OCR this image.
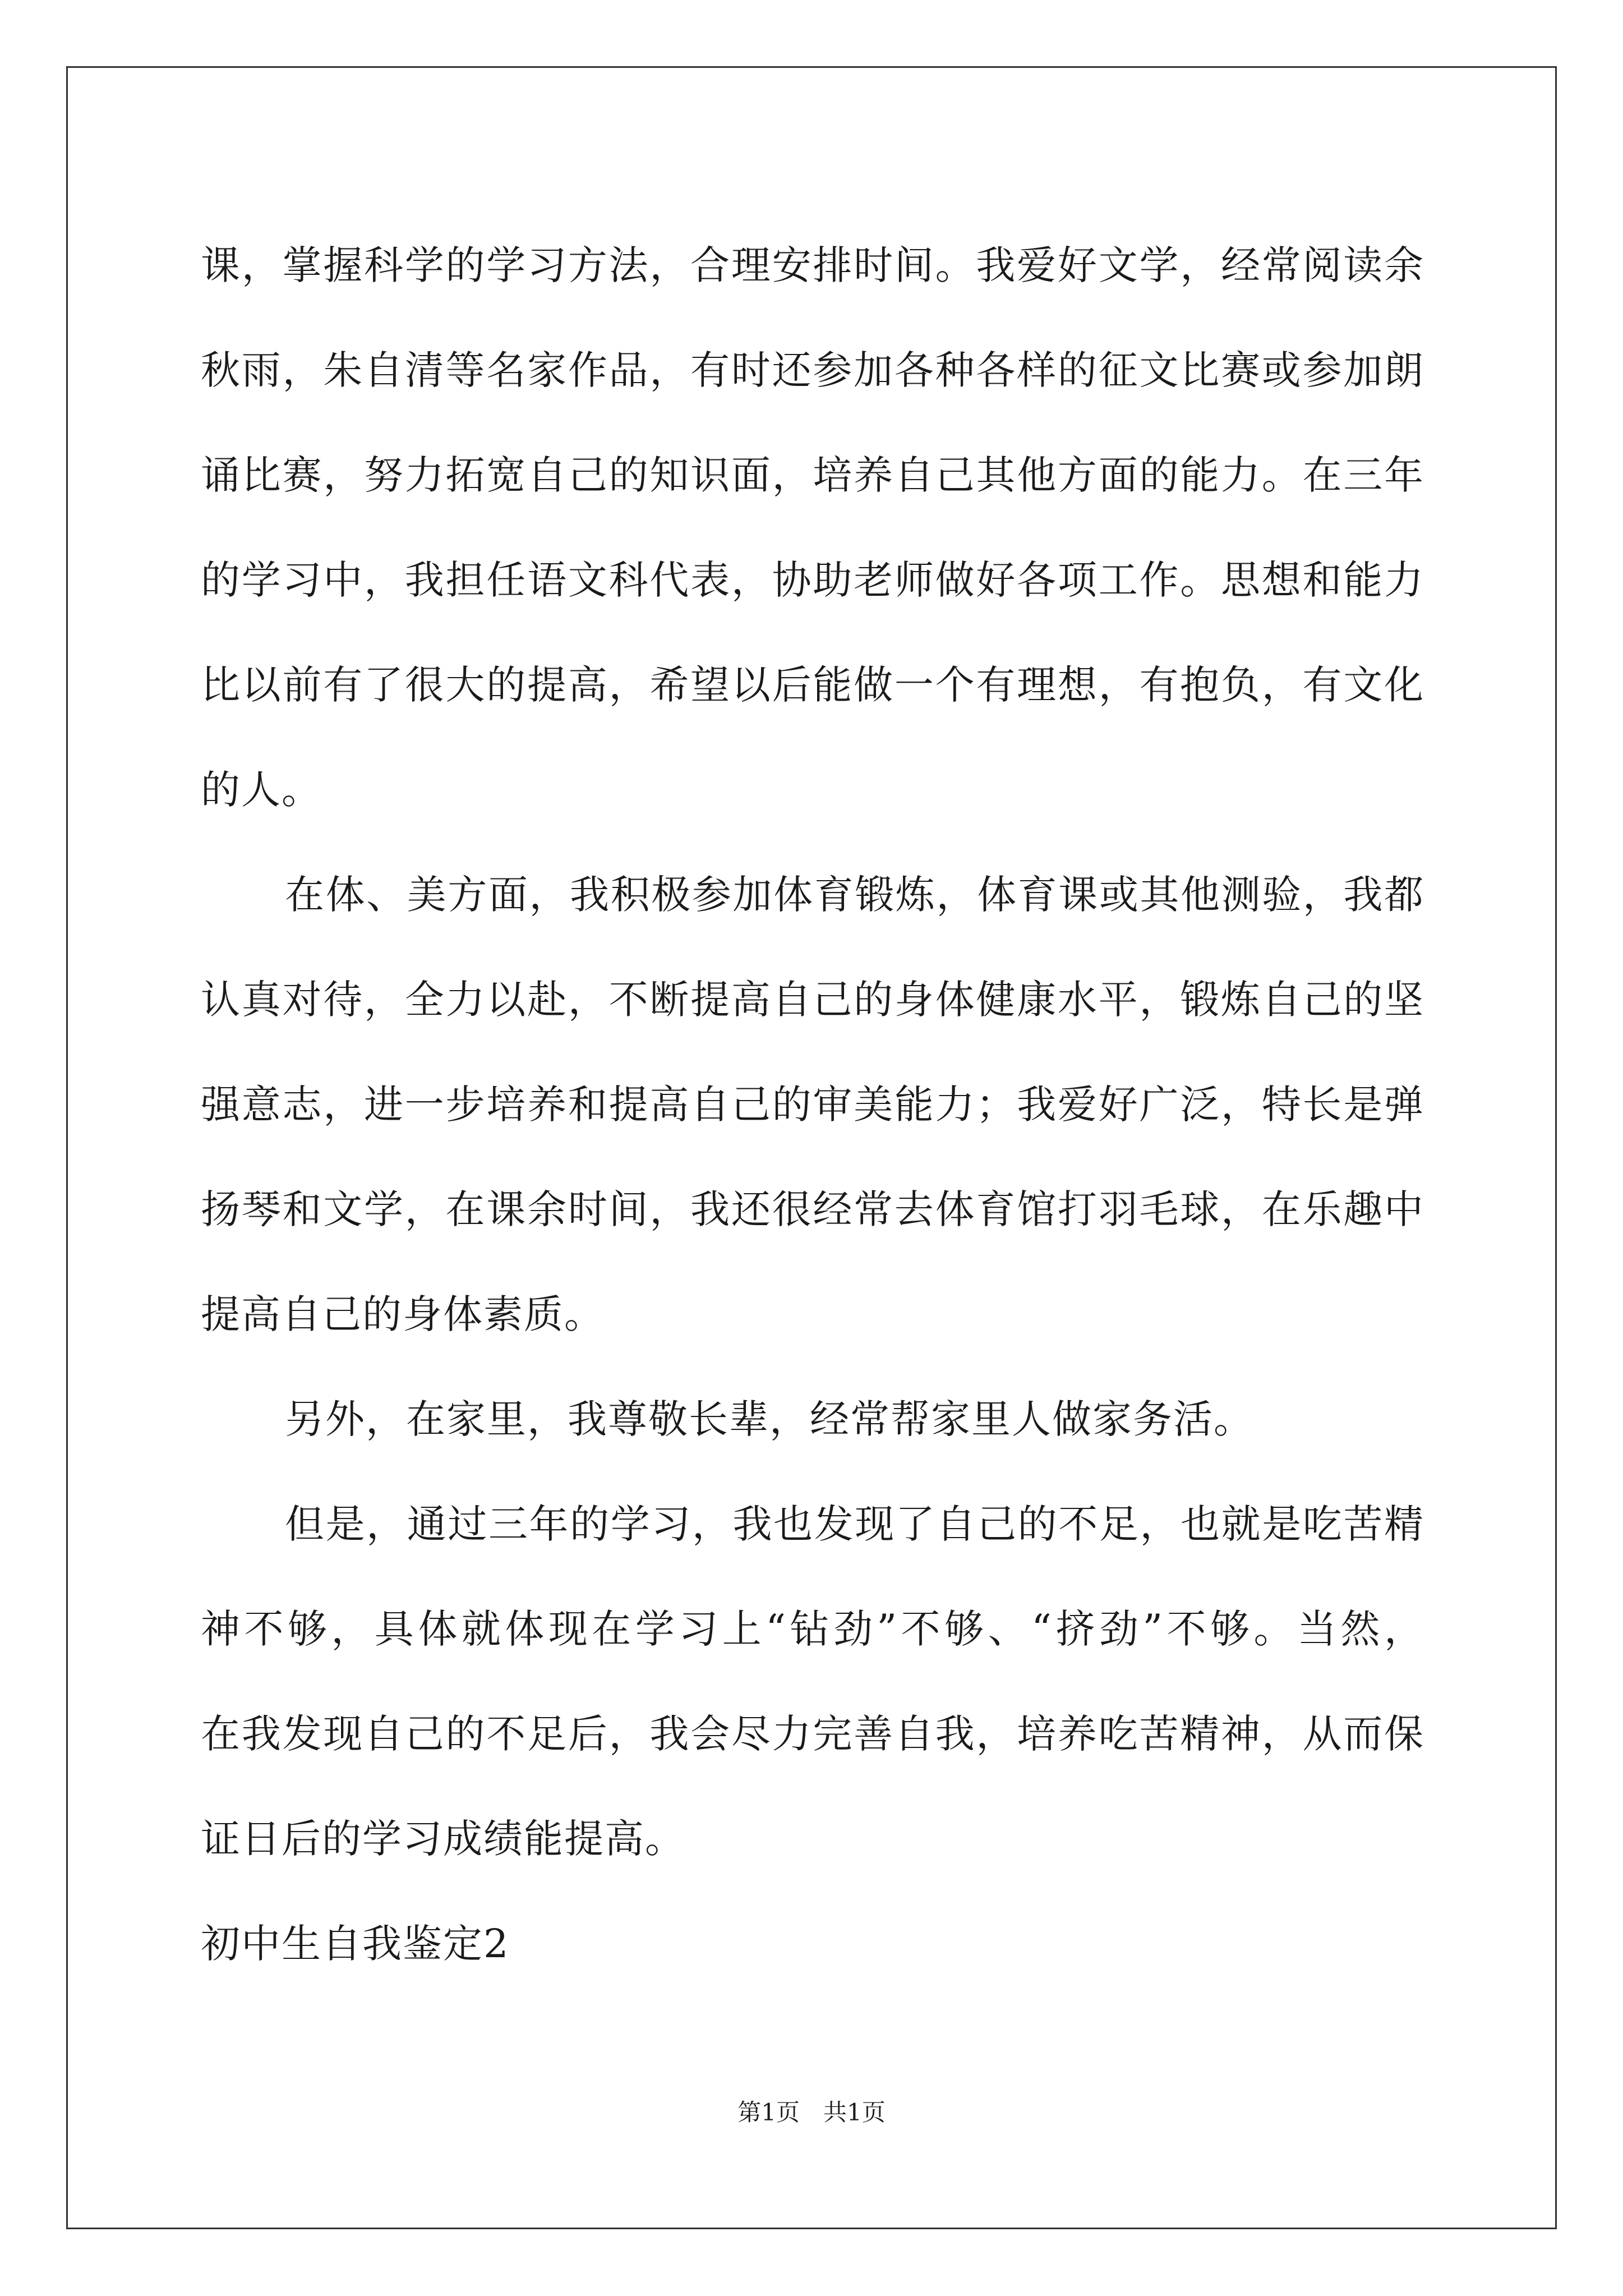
课，掌握科学的学习方法，合理安排时间。我爱好文学，经常阅读余
秋雨，朱自清等名家作品，有时还参加各种各样的征文比赛或参加朗
诵比赛，努力拓宽自己的知识面，培养自己其他方面的能力。在三年
的学习中，我担任语文科代表，协助老师做好各项工作。思想和能力
比以前有了很大的提高，希望以后能做一个有理想，有抱负，有文化
的人。
在体、美方面，我积极参加体育锻炼，体育课或其他测验，我都
认真对待，全力以赴，不断提高自己的身体健康水平，锻炼自己的坚
强意志，进一步培养和提高自己的审美能力；我爱好广泛，特长是弹
扬琴和文学，在课余时间，我还很经常去体育馆打羽毛球，在乐趣中
提高自己的身体素质。
另外，在家里，我尊敬长辈，经常帮家里人做家务活。
但是，通过三年的学习，我也发现了自己的不足，也就是吃苦精
神不够，具体就体现在学习上“钻劲”不够、“挤劲”不够。当然，
在我发现自己的不足后，我会尽力完善自我，培养吃苦精神，从而保
证日后的学习成绩能提高。
初中生自我鉴定2
第1页　共1页
